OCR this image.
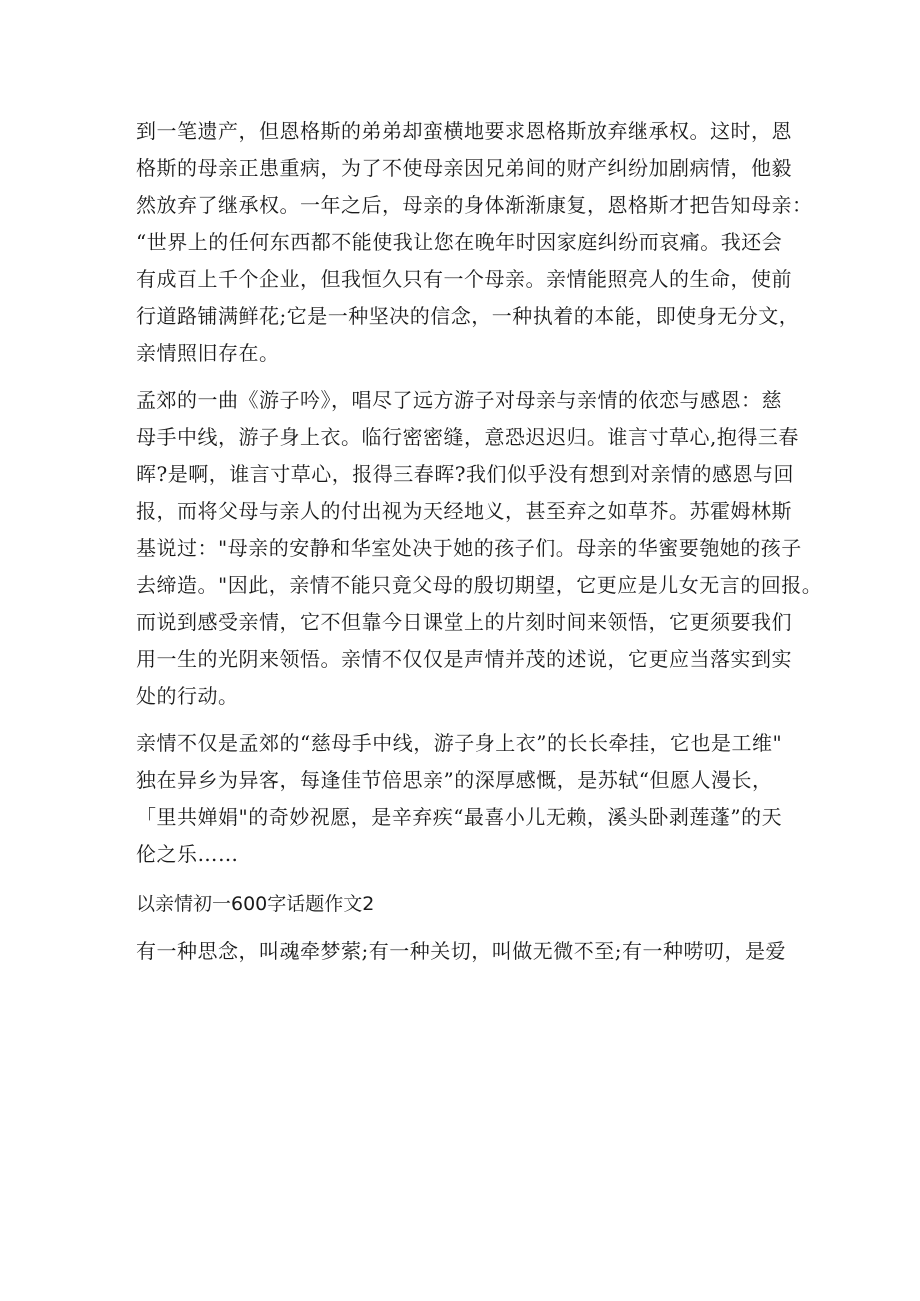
到一笔遗产，但恩格斯的弟弟却蛮横地要求恩格斯放弃继承权。这时，恩

格斯的母亲正患重病，为了不使母亲因兄弟间的财产纠纷加剧病情，他毅

然放弃了继承权。一年之后，母亲的身体渐渐康复，恩格斯才把告知母亲：

“世界上的任何东西都不能使我让您在晚年时因家庭纠纷而哀痛。我还会

有成百上千个企业，但我恒久只有一个母亲。亲情能照亮人的生命，使前

行道路铺满鲜花;它是一种坚决的信念，一种执着的本能，即使身无分文，

亲情照旧存在。

孟郊的一曲《游子吟》，唱尽了远方游子对母亲与亲情的依恋与感恩：慈

母手中线，游子身上衣。临行密密缝，意恐迟迟归。谁言寸草心,抱得三春

晖?是啊，谁言寸草心，报得三春晖?我们似乎没有想到对亲情的感恩与回

报，而将父母与亲人的付出视为天经地义，甚至弃之如草芥。苏霍姆林斯

基说过："母亲的安静和华室处决于她的孩子们。母亲的华蜜要匏她的孩子

去缔造。"因此，亲情不能只竟父母的殷切期望，它更应是儿女无言的回报。

而说到感受亲情，它不但靠今日课堂上的片刻时间来领悟，它更须要我们

用一生的光阴来领悟。亲情不仅仅是声情并茂的述说，它更应当落实到实

处的行动。

亲情不仅是孟郊的“慈母手中线，游子身上衣”的长长牵挂，它也是工维"

独在异乡为异客，每逢佳节倍思亲”的深厚感慨，是苏轼“但愿人漫长，

「里共婵娟"的奇妙祝愿，是辛弃疾“最喜小儿无赖，溪头卧剥莲蓬”的天

伦之乐……

以亲情初一600字话题作文2

有一种思念，叫魂牵梦萦;有一种关切，叫做无微不至;有一种唠叨，是爱
